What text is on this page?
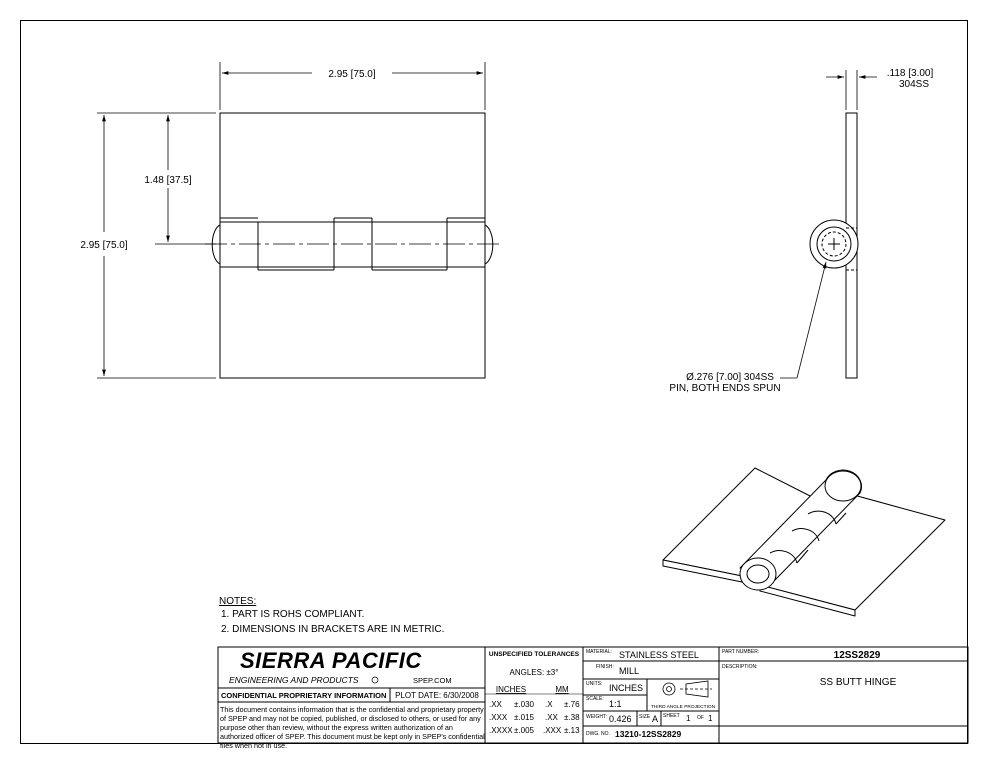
2.95 [75.0]
2.95 [75.0]
1.48 [37.5]
.118 [3.00]
304SS
Ø.276 [7.00] 304SS
PIN, BOTH ENDS SPUN
UNSPECIFIED TOLERANCES
ANGLES: ±3°
INCHES	MM
.XX ±.030 .X ±.76
.XXX ±.015 .XX ±.38
.XXXX ±.005 .XXX ±.13
MATERIAL: STAINLESS STEEL
FINISH: MILL
UNITS: INCHES
SCALE: 1:1	THIRD ANGLE PROJECTION
WEIGHT: 0.426 SIZE A SHEET 1 OF 1
DWG. NO. 13210-12SS2829
PART NUMBER:	12SS2829
DESCRIPTION:
SS BUTT HINGE
CONFIDENTIAL PROPRIETARY INFORMATION PLOT DATE: 6/30/2008
SPEP.COM
NOTES:
1. PART IS ROHS COMPLIANT.
2. DIMENSIONS IN BRACKETS ARE IN METRIC.
SIERRA PACIFIC
ENGINEERING AND PRODUCTS
This document contains information that is the confidential and proprietary property of SPEP and may not be copied, published, or disclosed to others, or used for any purpose other than review, without the express written authorization of an authorized officer of SPEP. This document must be kept only in SPEP's confidential files when not in use.
